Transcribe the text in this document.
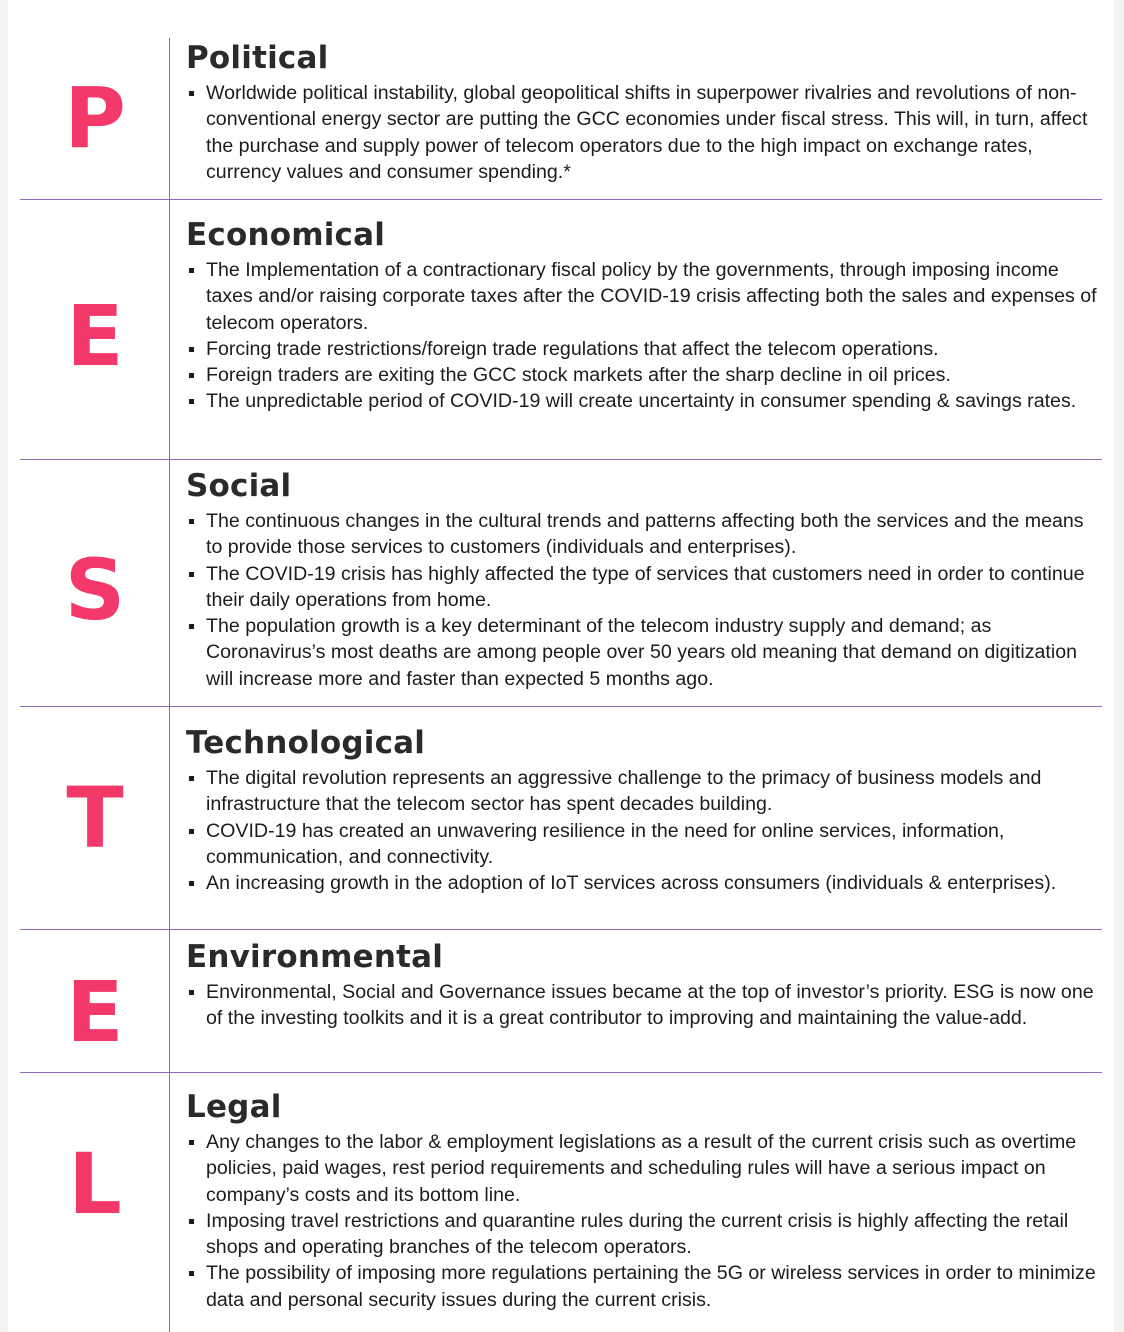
P
Political
Worldwide political instability, global geopolitical shifts in superpower rivalries and revolutions of non-conventional energy sector are putting the GCC economies under fiscal stress. This will, in turn, affect the purchase and supply power of telecom operators due to the high impact on exchange rates, currency values and consumer spending.*
E
Economical
The Implementation of a contractionary fiscal policy by the governments, through imposing income taxes and/or raising corporate taxes after the COVID-19 crisis affecting both the sales and expenses of telecom operators.
Forcing trade restrictions/foreign trade regulations that affect the telecom operations.
Foreign traders are exiting the GCC stock markets after the sharp decline in oil prices.
The unpredictable period of COVID-19 will create uncertainty in consumer spending & savings rates.
S
Social
The continuous changes in the cultural trends and patterns affecting both the services and the means to provide those services to customers (individuals and enterprises).
The COVID-19 crisis has highly affected the type of services that customers need in order to continue their daily operations from home.
The population growth is a key determinant of the telecom industry supply and demand; as Coronavirus’s most deaths are among people over 50 years old meaning that demand on digitization will increase more and faster than expected 5 months ago.
T
Technological
The digital revolution represents an aggressive challenge to the primacy of business models and infrastructure that the telecom sector has spent decades building.
COVID-19 has created an unwavering resilience in the need for online services, information, communication, and connectivity.
An increasing growth in the adoption of IoT services across consumers (individuals & enterprises).
E
Environmental
Environmental, Social and Governance issues became at the top of investor’s priority. ESG is now one of the investing toolkits and it is a great contributor to improving and maintaining the value-add.
L
Legal
Any changes to the labor & employment legislations as a result of the current crisis such as overtime policies, paid wages, rest period requirements and scheduling rules will have a serious impact on company’s costs and its bottom line.
Imposing travel restrictions and quarantine rules during the current crisis is highly affecting the retail shops and operating branches of the telecom operators.
The possibility of imposing more regulations pertaining the 5G or wireless services in order to minimize data and personal security issues during the current crisis.
